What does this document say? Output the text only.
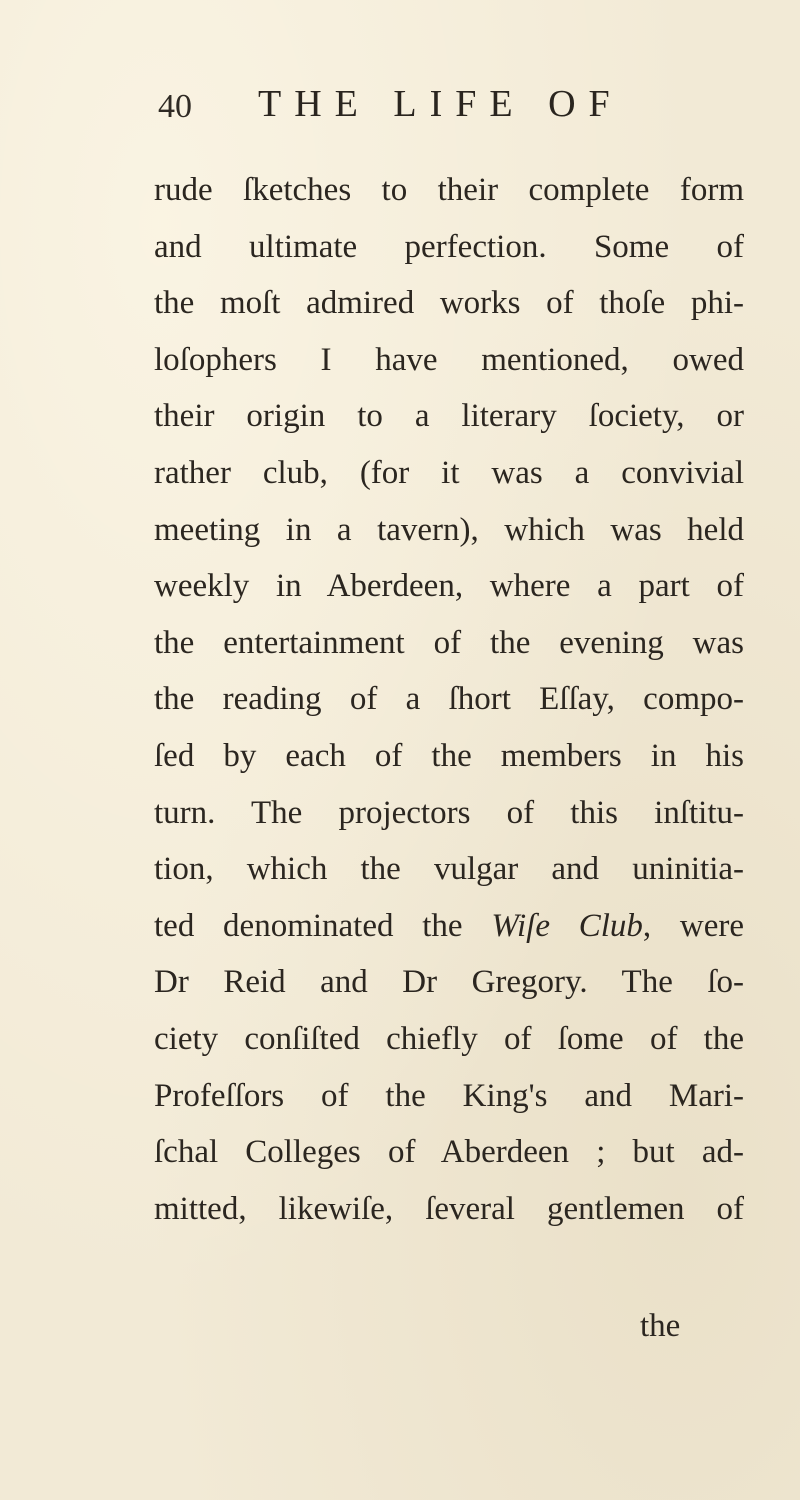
40 THE LIFE OF
rude ſketches to their complete form
and ultimate perfection. Some of
the moſt admired works of thoſe phi-
loſophers I have mentioned, owed
their origin to a literary ſociety, or
rather club, (for it was a convivial
meeting in a tavern), which was held
weekly in Aberdeen, where a part of
the entertainment of the evening was
the reading of a ſhort Eſſay, compo-
ſed by each of the members in his
turn. The projectors of this inſtitu-
tion, which the vulgar and uninitia-
ted denominated the Wiſe Club, were
Dr Reid and Dr Gregory. The ſo-
ciety conſiſted chiefly of ſome of the
Profeſſors of the King's and Mari-
ſchal Colleges of Aberdeen ; but ad-
mitted, likewiſe, ſeveral gentlemen of
the
